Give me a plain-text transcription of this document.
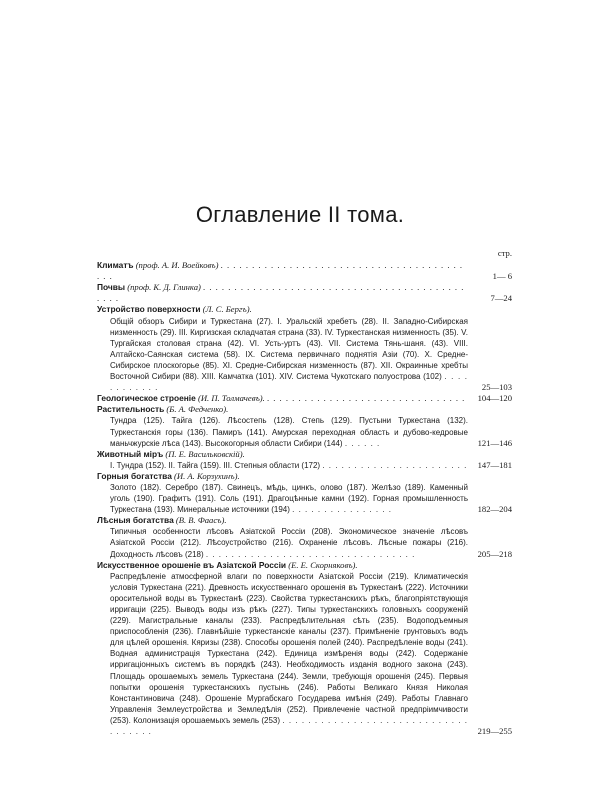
Оглавление II тома.
стр.
Климатъ (проф. А. И. Воейковъ) . . . . . . . . . . . . . . . . . . . . . . . . . . . . . . . . . . . . . . . . . .	1— 6
Почвы (проф. К. Д. Глинка) . . . . . . . . . . . . . . . . . . . . . . . . . . . . . . . . . . . . . . . . . . . . . .	7—24
Устройство поверхности (Л. С. Бергъ).
Общій обзоръ Сибири и Туркестана (27). I. Уральскій хребетъ (28). II. Западно-Сибирская низменность (29). III. Киргизская складчатая страна (33). IV. Туркестанская низменность (35). V. Тургайская столовая страна (42). VI. Усть-уртъ (43). VII. Система Тянь-шаня. (43). VIII. Алтайско-Саянская система (58). IX. Система первичнаго поднятія Азіи (70). X. Средне-Сибирское плоскогорье (85). XI. Средне-Сибирская низменность (87). XII. Окраинные хребты Восточной Сибири (88). XIII. Камчатка (101). XIV. Система Чукотскаго полуострова (102) . . . . . . . . . . . .	25—103
Геологическое строеніе (И. П. Толмачевъ). . . . . . . . . . . . . . . . . . . . . . . . . . . . . . . . .	104—120
Растительность (Б. А. Федченко).
Тундра (125). Тайга (126). Лѣсостепь (128). Степь (129). Пустыни Туркестана (132). Туркестанскія горы (136). Памиръ (141). Амурская переходная область и дубово-кедровые маньчжурскіе лѣса (143). Высокогорныя области Сибири (144) . . . . . .	121—146
Животный міръ (П. Е. Васильковскій).
I. Тундра (152). II. Тайга (159). III. Степныя области (172) . . . . . . . . . . . . . . . . . . . . . . .	147—181
Горныя богатства (И. А. Корзухинъ).
Золото (182). Серебро (187). Свинецъ, мѣдь, цинкъ, олово (187). Желѣзо (189). Каменный уголь (190). Графитъ (191). Соль (191). Драгоцѣнные камни (192). Горная промышленность Туркестана (193). Минеральные источники (194) . . . . . . . . . . . . . . . .	182—204
Лѣсныя богатства (В. В. Фаасъ).
Типичныя особенности лѣсовъ Азіатской Россіи (208). Экономическое значеніе лѣсовъ Азіатской Россіи (212). Лѣсоустройство (216). Охраненіе лѣсовъ. Лѣсные пожары (216). Доходность лѣсовъ (218) . . . . . . . . . . . . . . . . . . . . . . . . . . . . . . . . .	205—218
Искусственное орошеніе въ Азіатской Россіи (Е. Е. Скорняковъ).
Распредѣленіе атмосферной влаги по поверхности Азіатской Россіи (219). Климатическія условія Туркестана (221). Древность искусственнаго орошенія въ Туркестанѣ (222). Источники оросительной воды въ Туркестанѣ (223). Свойства туркестанскихъ рѣкъ, благопріятствующія ирригаціи (225). Выводъ воды изъ рѣкъ (227). Типы туркестанскихъ головныхъ сооруженій (229). Магистральные каналы (233). Распредѣлительная сѣть (235). Водоподъемныя приспособленія (236). Главнѣйшіе туркестанскіе каналы (237). Примѣненіе грунтовыхъ водъ для цѣлей орошенія. Кяризы (238). Способы орошенія полей (240). Распредѣленіе воды (241). Водная администрація Туркестана (242). Единица измѣренія воды (242). Содержаніе ирригаціонныхъ системъ въ порядкѣ (243). Необходимость изданія водного закона (243). Площадь орошаемыхъ земель Туркестана (244). Земли, требующія орошенія (245). Первыя попытки орошенія туркестанскихъ пустынь (246). Работы Великаго Князя Николая Константиновича (248). Орошеніе Мургабскаго Государева имѣнія (249). Работы Главнаго Управленія Землеустройства и Земледѣлія (252). Привлеченіе частной предпріимчивости (253). Колонизація орошаемыхъ земель (253) . . . . . . . . . . . . . . . . . . . . . . . . . . . . . . . . . . . .	219—255
